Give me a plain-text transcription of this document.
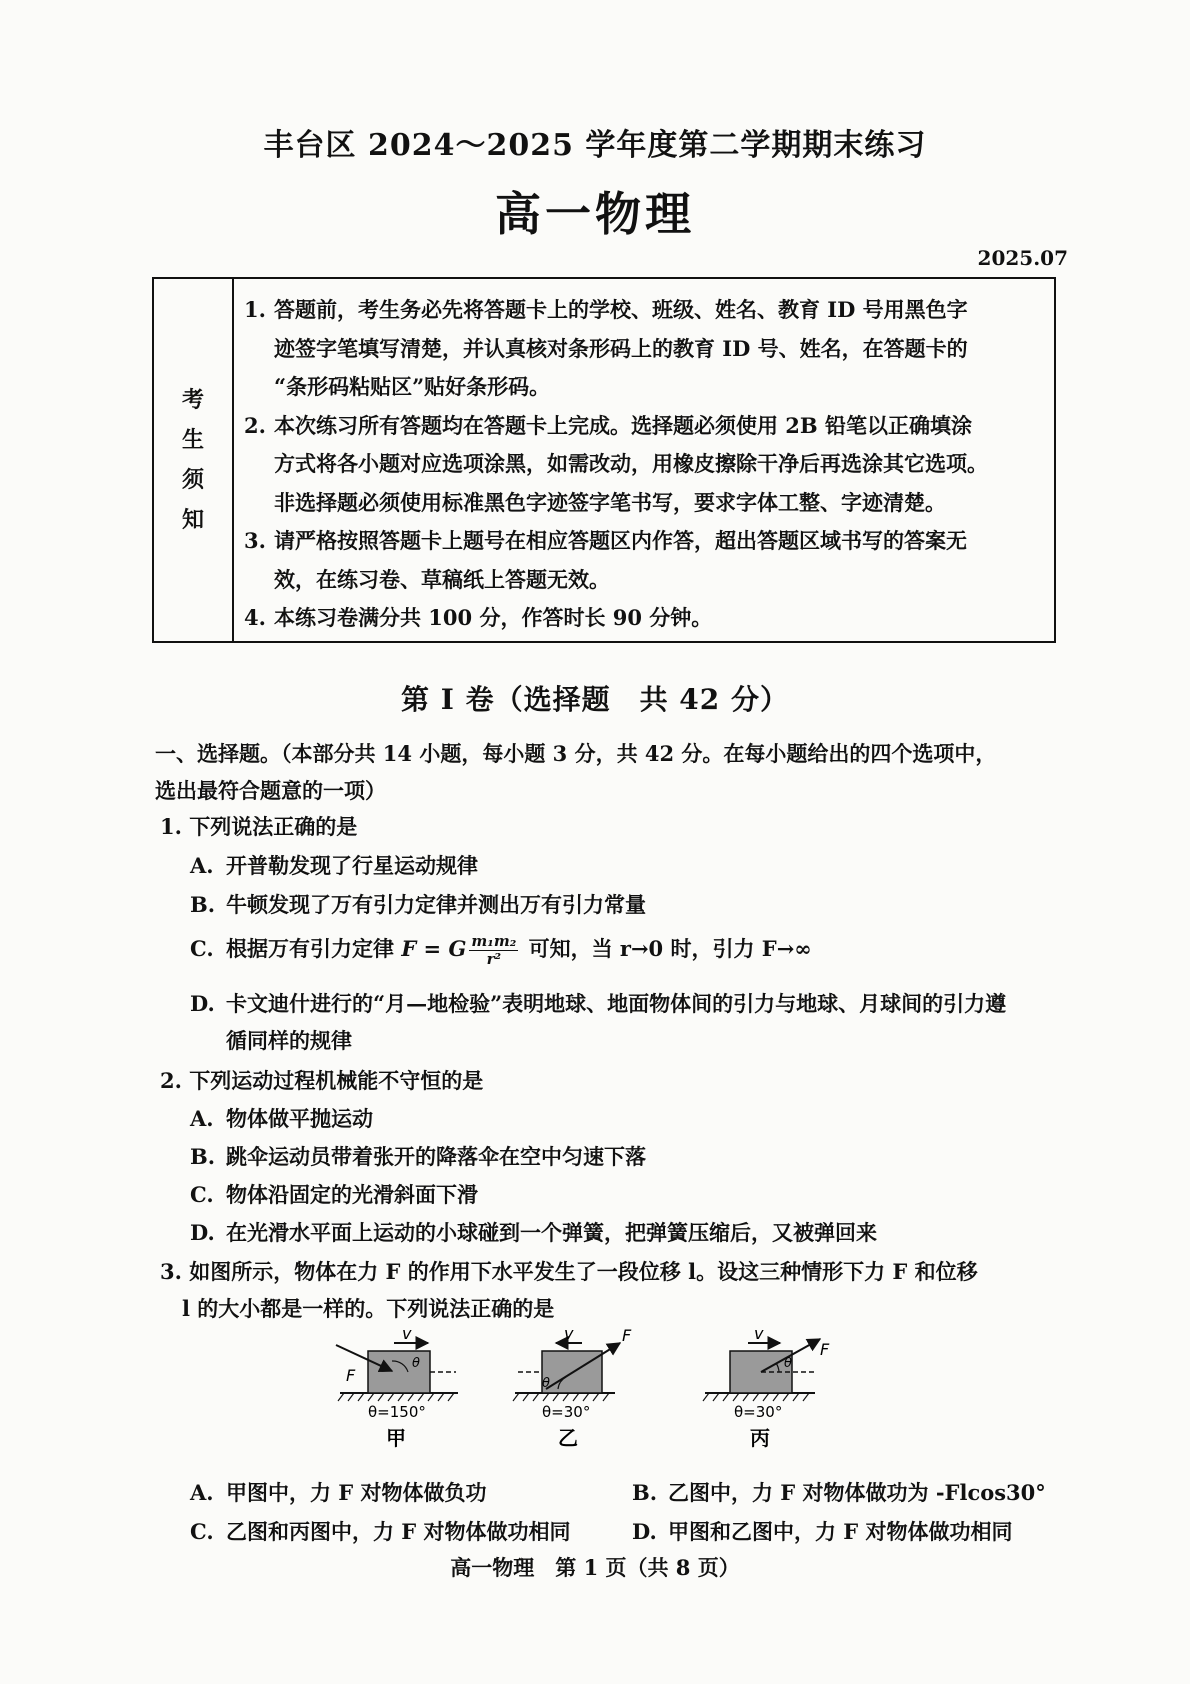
丰台区 2024～2025 学年度第二学期期末练习
高一物理
2025.07
考
生
须
知
1. 答题前，考生务必先将答题卡上的学校、班级、姓名、教育 ID 号用黑色字
迹签字笔填写清楚，并认真核对条形码上的教育 ID 号、姓名，在答题卡的
“条形码粘贴区”贴好条形码。
2. 本次练习所有答题均在答题卡上完成。选择题必须使用 2B 铅笔以正确填涂
方式将各小题对应选项涂黑，如需改动，用橡皮擦除干净后再选涂其它选项。
非选择题必须使用标准黑色字迹签字笔书写，要求字体工整、字迹清楚。
3. 请严格按照答题卡上题号在相应答题区内作答，超出答题区域书写的答案无
效，在练习卷、草稿纸上答题无效。
4. 本练习卷满分共 100 分，作答时长 90 分钟。
第 I 卷（选择题　共 42 分）
一、选择题。（本部分共 14 小题，每小题 3 分，共 42 分。在每小题给出的四个选项中，
选出最符合题意的一项）
1. 下列说法正确的是
A. 开普勒发现了行星运动规律
B. 牛顿发现了万有引力定律并测出万有引力常量
C. 根据万有引力定律 F = G $\frac{\text{m₁m₂}}{\text{r²}}$ 可知，当 r→0 时，引力 F→∞
D. 卡文迪什进行的“月—地检验”表明地球、地面物体间的引力与地球、月球间的引力遵
循同样的规律
2. 下列运动过程机械能不守恒的是
A. 物体做平抛运动
B. 跳伞运动员带着张开的降落伞在空中匀速下落
C. 物体沿固定的光滑斜面下滑
D. 在光滑水平面上运动的小球碰到一个弹簧，把弹簧压缩后，又被弹回来
3. 如图所示，物体在力 F 的作用下水平发生了一段位移 l。设这三种情形下力 F 和位移
l 的大小都是一样的。下列说法正确的是
v
F
θ
θ=150°
甲
v	F
θ
θ=30°
乙
v
F
θ
θ=30°
丙
A. 甲图中，力 F 对物体做负功	B. 乙图中，力 F 对物体做功为 -Flcos30°
C. 乙图和丙图中，力 F 对物体做功相同	D. 甲图和乙图中，力 F 对物体做功相同
高一物理　第 1 页（共 8 页）
